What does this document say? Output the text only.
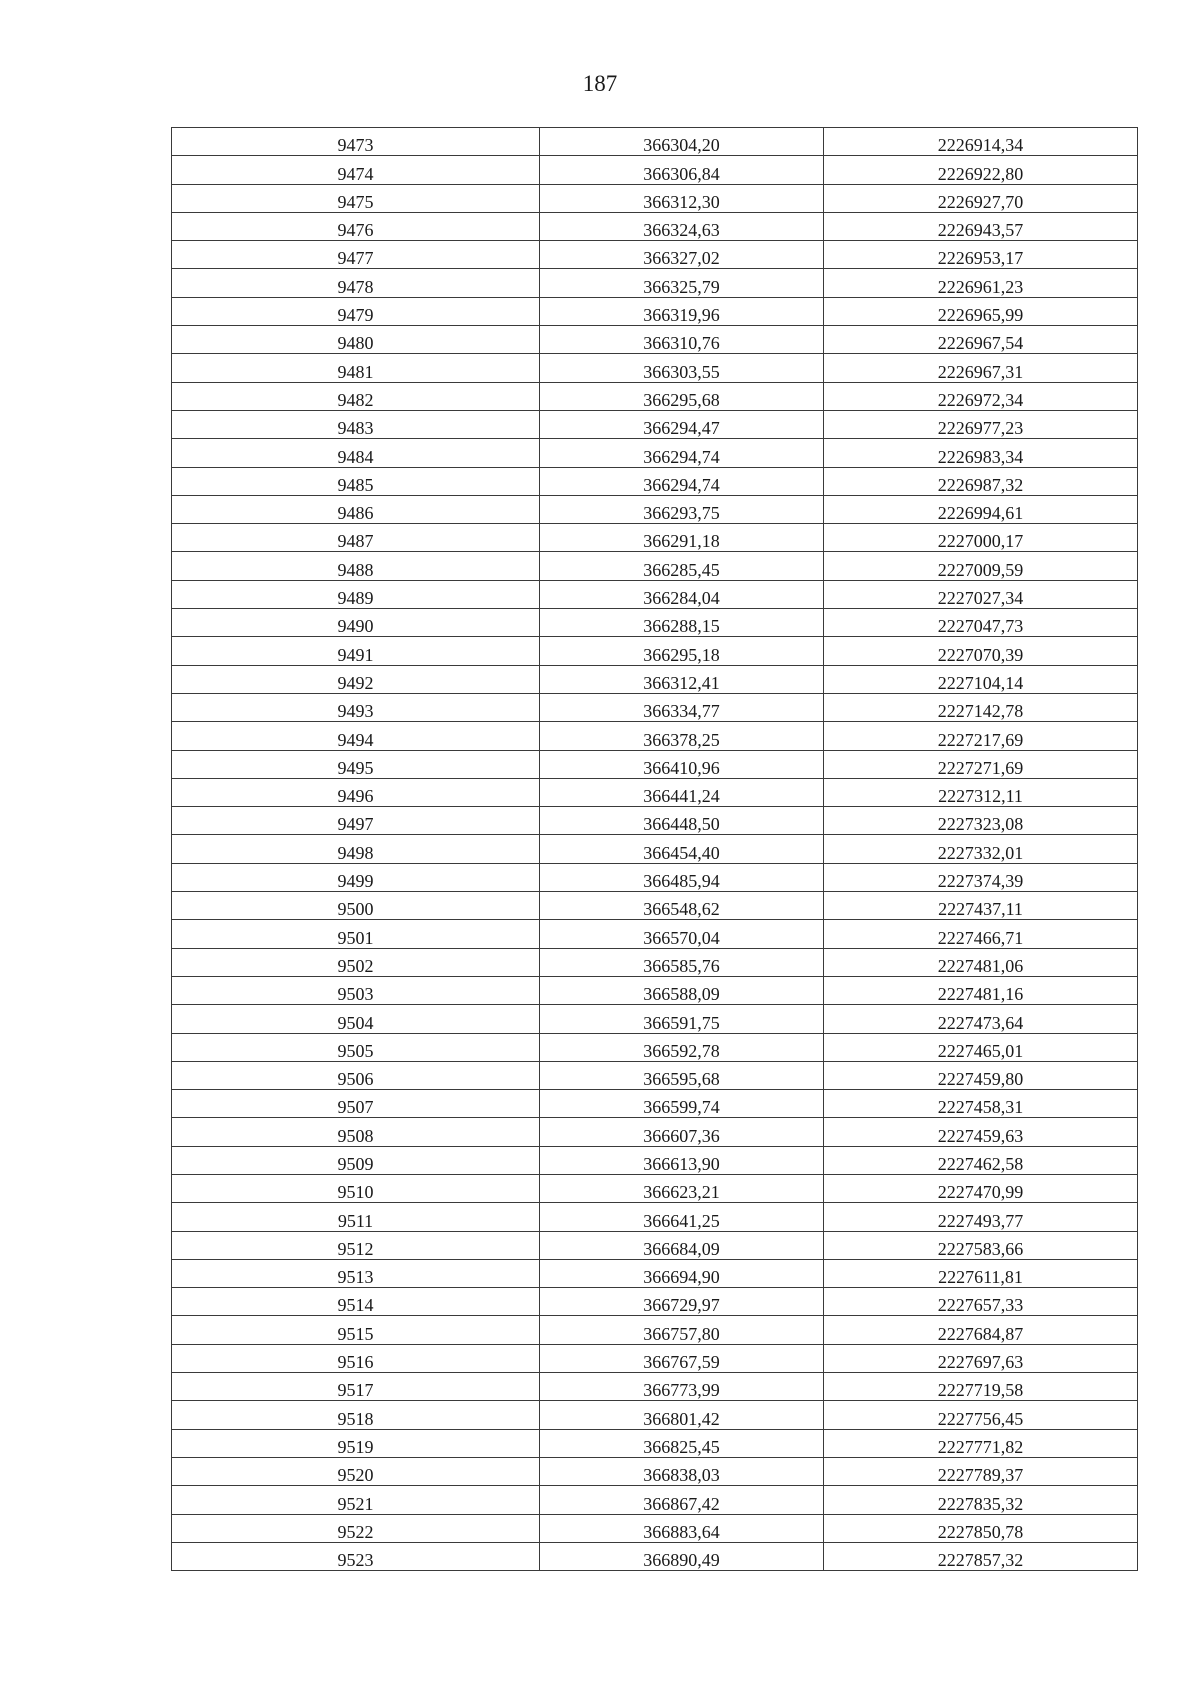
187
9473	366304,20	2226914,34
9474	366306,84	2226922,80
9475	366312,30	2226927,70
9476	366324,63	2226943,57
9477	366327,02	2226953,17
9478	366325,79	2226961,23
9479	366319,96	2226965,99
9480	366310,76	2226967,54
9481	366303,55	2226967,31
9482	366295,68	2226972,34
9483	366294,47	2226977,23
9484	366294,74	2226983,34
9485	366294,74	2226987,32
9486	366293,75	2226994,61
9487	366291,18	2227000,17
9488	366285,45	2227009,59
9489	366284,04	2227027,34
9490	366288,15	2227047,73
9491	366295,18	2227070,39
9492	366312,41	2227104,14
9493	366334,77	2227142,78
9494	366378,25	2227217,69
9495	366410,96	2227271,69
9496	366441,24	2227312,11
9497	366448,50	2227323,08
9498	366454,40	2227332,01
9499	366485,94	2227374,39
9500	366548,62	2227437,11
9501	366570,04	2227466,71
9502	366585,76	2227481,06
9503	366588,09	2227481,16
9504	366591,75	2227473,64
9505	366592,78	2227465,01
9506	366595,68	2227459,80
9507	366599,74	2227458,31
9508	366607,36	2227459,63
9509	366613,90	2227462,58
9510	366623,21	2227470,99
9511	366641,25	2227493,77
9512	366684,09	2227583,66
9513	366694,90	2227611,81
9514	366729,97	2227657,33
9515	366757,80	2227684,87
9516	366767,59	2227697,63
9517	366773,99	2227719,58
9518	366801,42	2227756,45
9519	366825,45	2227771,82
9520	366838,03	2227789,37
9521	366867,42	2227835,32
9522	366883,64	2227850,78
9523	366890,49	2227857,32
